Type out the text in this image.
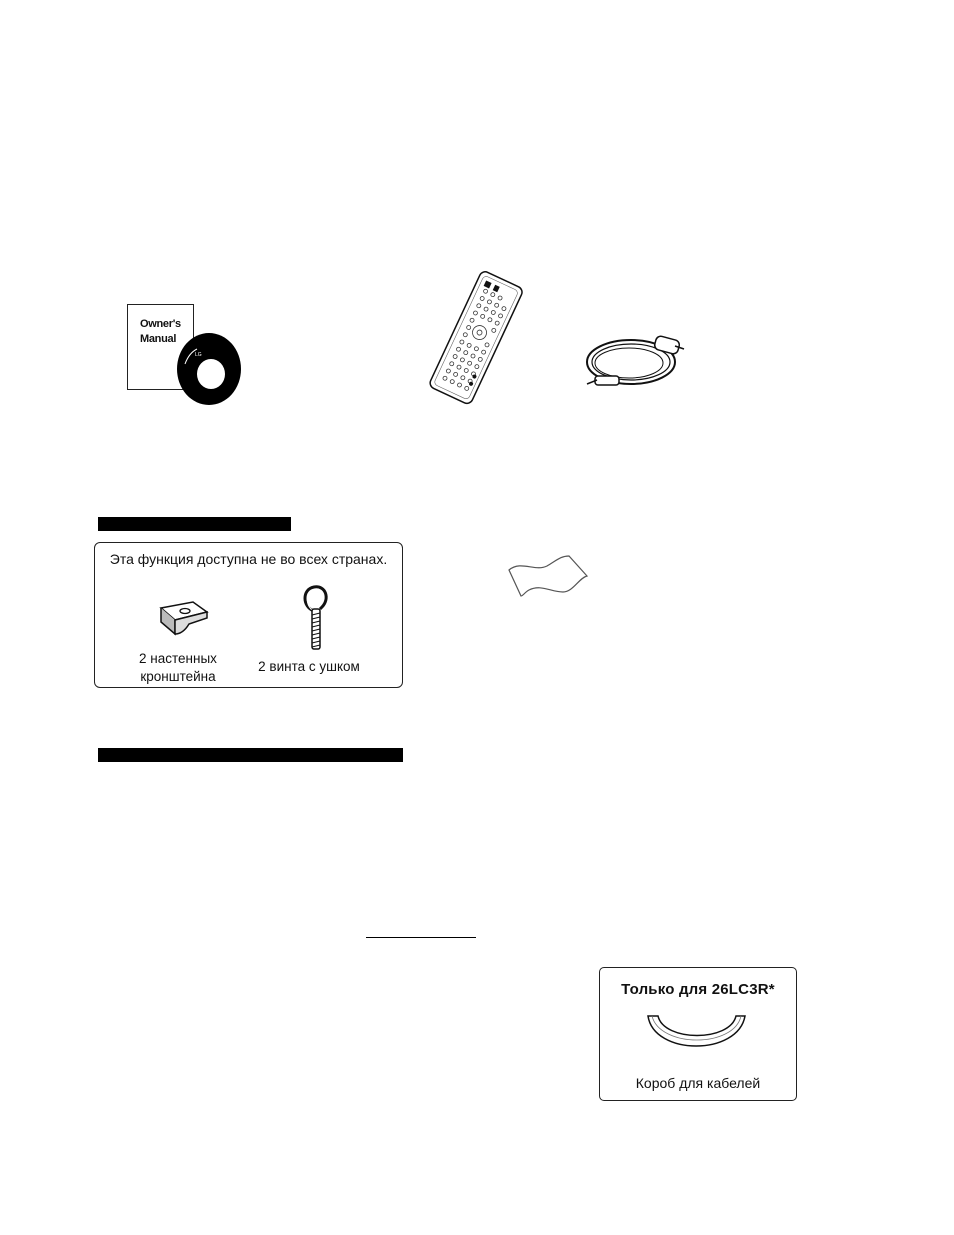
Owner's
Manual
LG
Эта функция доступна не во всех странах.
2 настенных
кронштейна
2 винта с ушком
Только для 26LC3R*
Короб для кабелей
